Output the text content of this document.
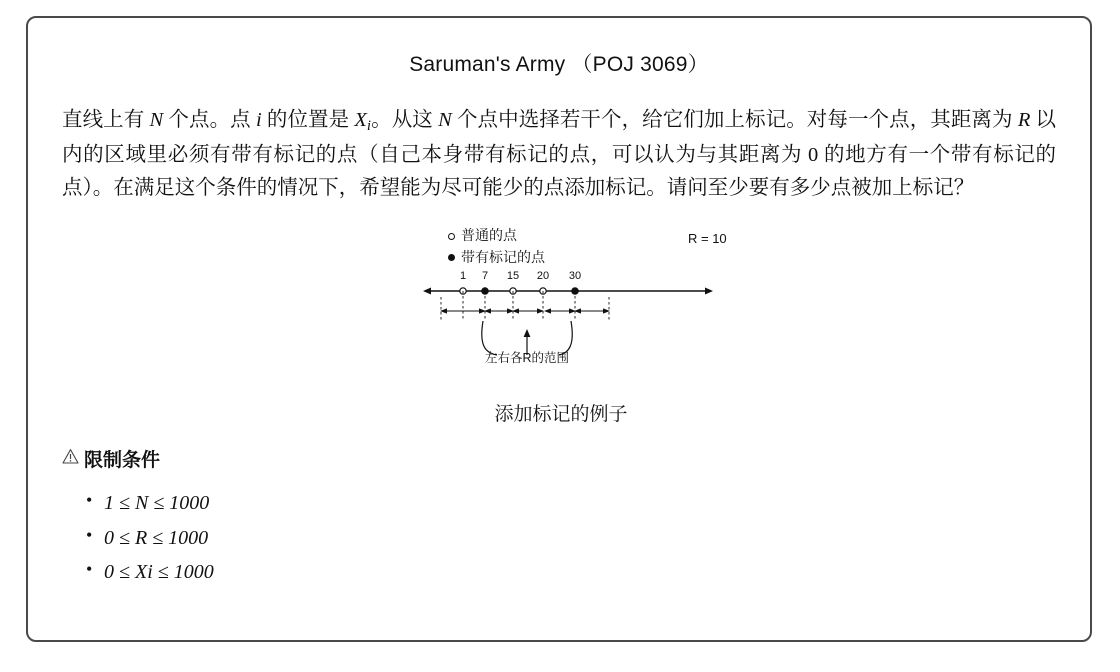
Saruman's Army （POJ 3069）
直线上有 N 个点。点 i 的位置是 $X_i$。从这 N 个点中选择若干个，给它们加上标记。对每一个点，其距离为 R 以内的区域里必须有带有标记的点（自己本身带有标记的点，可以认为与其距离为 0 的地方有一个带有标记的点）。在满足这个条件的情况下，希望能为尽可能少的点添加标记。请问至少要有多少点被加上标记？
普通的点
带有标记的点
R = 10
1 7 15 20 30
左右各R的范围
添加标记的例子
限制条件
• 1 ≤ N ≤ 1000
• 0 ≤ R ≤ 1000
• 0 ≤ Xi ≤ 1000
